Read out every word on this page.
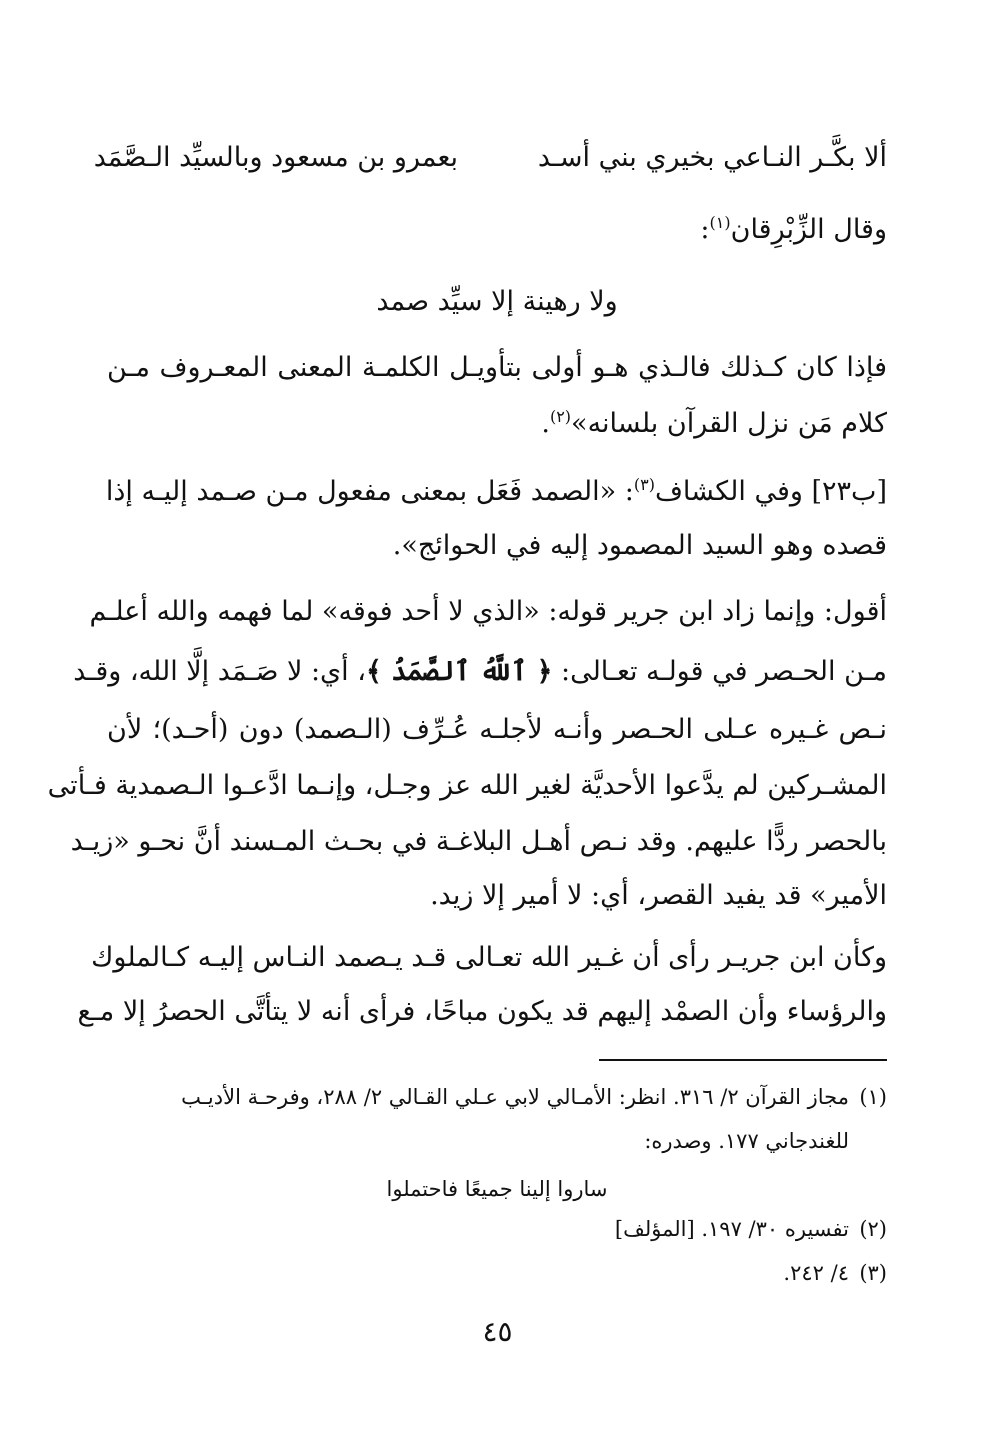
ألا بكَّـر النـاعي بخيري بني أسـد
بعمرو بن مسعود وبالسيِّد الـصَّمَد
وقال الزِّبْرِقان$^{(١)}$:
ولا رهينة إلا سيِّد صمد
فإذا كان كـذلك فالـذي هـو أولى بتأويـل الكلمـة المعنى المعـروف مـن
كلام مَن نزل القرآن بلسانه»$^{(٢)}$.
[ب٢٣] وفي الكشاف$^{(٣)}$: «الصمد فَعَل بمعنى مفعول مـن صـمد إليـه إذا
قصده وهو السيد المصمود إليه في الحوائج».
أقول: وإنما زاد ابن جرير قوله: «الذي لا أحد فوقه» لما فهمه والله أعلـم
مـن الحـصر في قولـه تعـالى: ﴿ ٱللَّهُ ٱلصَّمَدُ ﴾، أي: لا صَـمَد إلَّا الله، وقـد
نـص غـيره عـلى الحـصر وأنـه لأجلـه عُـرِّف (الـصمد) دون (أحـد)؛ لأن
المشـركين لم يدَّعوا الأحديَّة لغير الله عز وجـل، وإنـما ادَّعـوا الـصمدية فـأتى
بالحصر ردًّا عليهم. وقد نـص أهـل البلاغـة في بحـث المـسند أنَّ نحـو «زيـد
الأمير» قد يفيد القصر، أي: لا أمير إلا زيد.
وكأن ابن جريـر رأى أن غـير الله تعـالى قـد يـصمد النـاس إليـه كـالملوك
والرؤساء وأن الصمْد إليهم قد يكون مباحًا، فرأى أنه لا يتأتَّى الحصرُ إلا مـع
(١)مجاز القرآن ٢/ ٣١٦. انظر: الأمـالي لابي عـلي القـالي ٢/ ٢٨٨، وفرحـة الأديـب
للغندجاني ١٧٧. وصدره:
ساروا إلينا جميعًا فاحتملوا
(٢)تفسيره ٣٠/ ١٩٧. [المؤلف]
(٣)٤/ ٢٤٢.
٤٥
